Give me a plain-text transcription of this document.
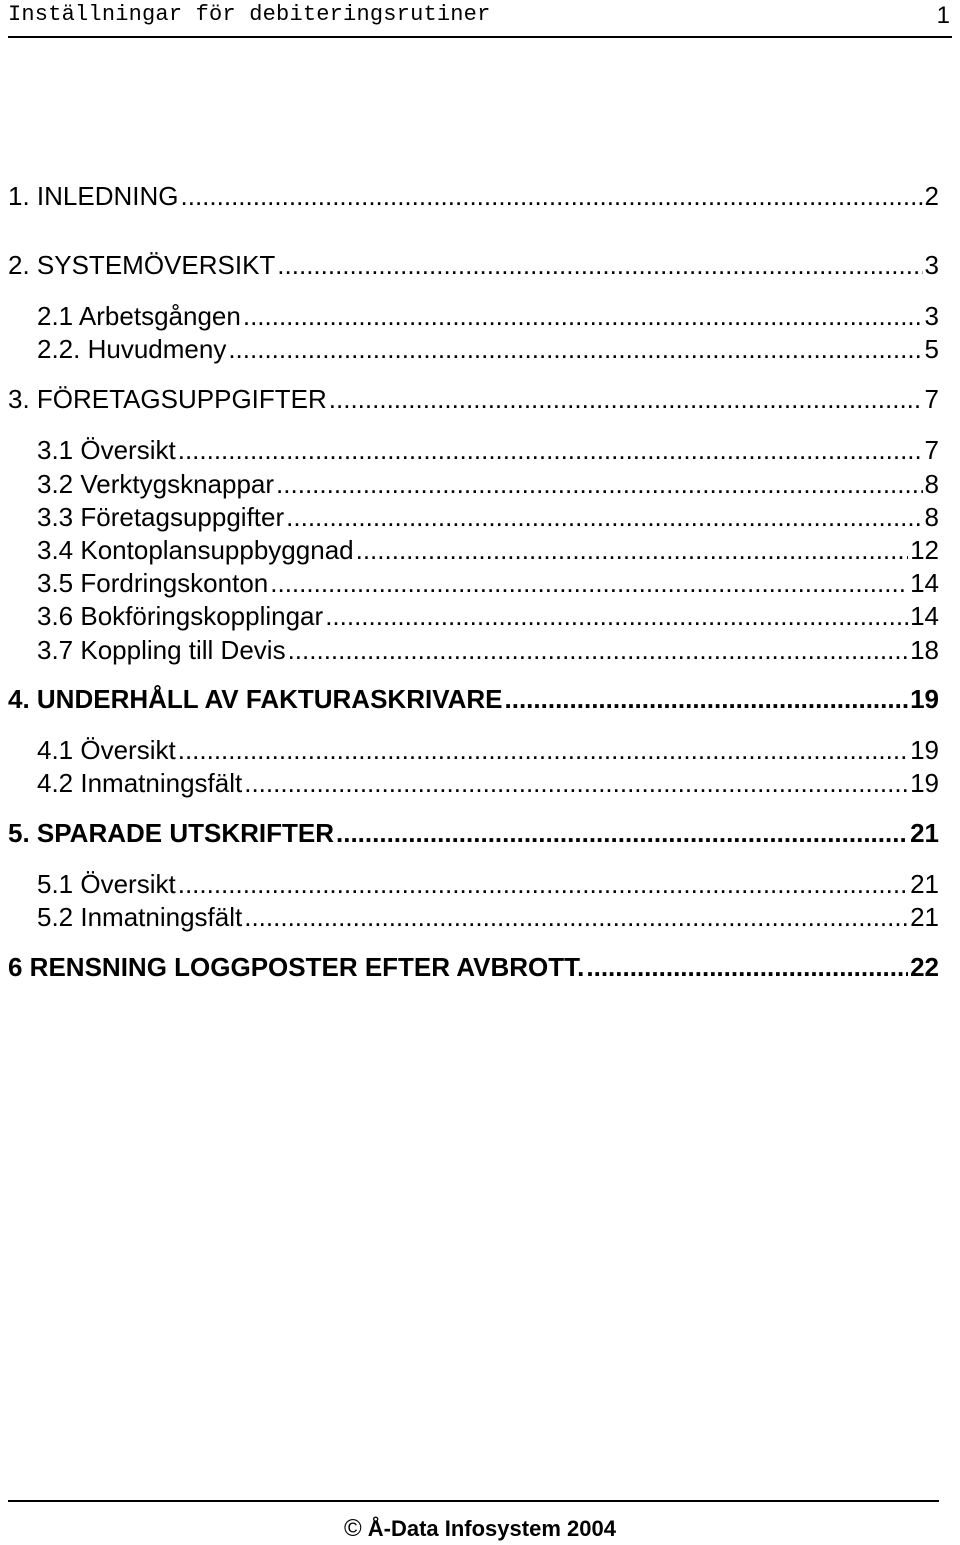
Inställningar för debiteringsrutiner	1
1. INLEDNING .....	2
2. SYSTEMÖVERSIKT .....	3
2.1 Arbetsgången .....	3
2.2. Huvudmeny .....	5
3. FÖRETAGSUPPGIFTER .....	7
3.1 Översikt .....	7
3.2 Verktygsknappar .....	8
3.3 Företagsuppgifter .....	8
3.4 Kontoplansuppbyggnad .....	12
3.5 Fordringskonton .....	14
3.6 Bokföringskopplingar .....	14
3.7 Koppling till Devis .....	18
4. UNDERHÅLL AV FAKTURASKRIVARE .....	19
4.1 Översikt .....	19
4.2 Inmatningsfält .....	19
5. SPARADE UTSKRIFTER .....	21
5.1 Översikt .....	21
5.2 Inmatningsfält .....	21
6 RENSNING LOGGPOSTER EFTER AVBROTT. .....	22
© Å-Data Infosystem 2004
